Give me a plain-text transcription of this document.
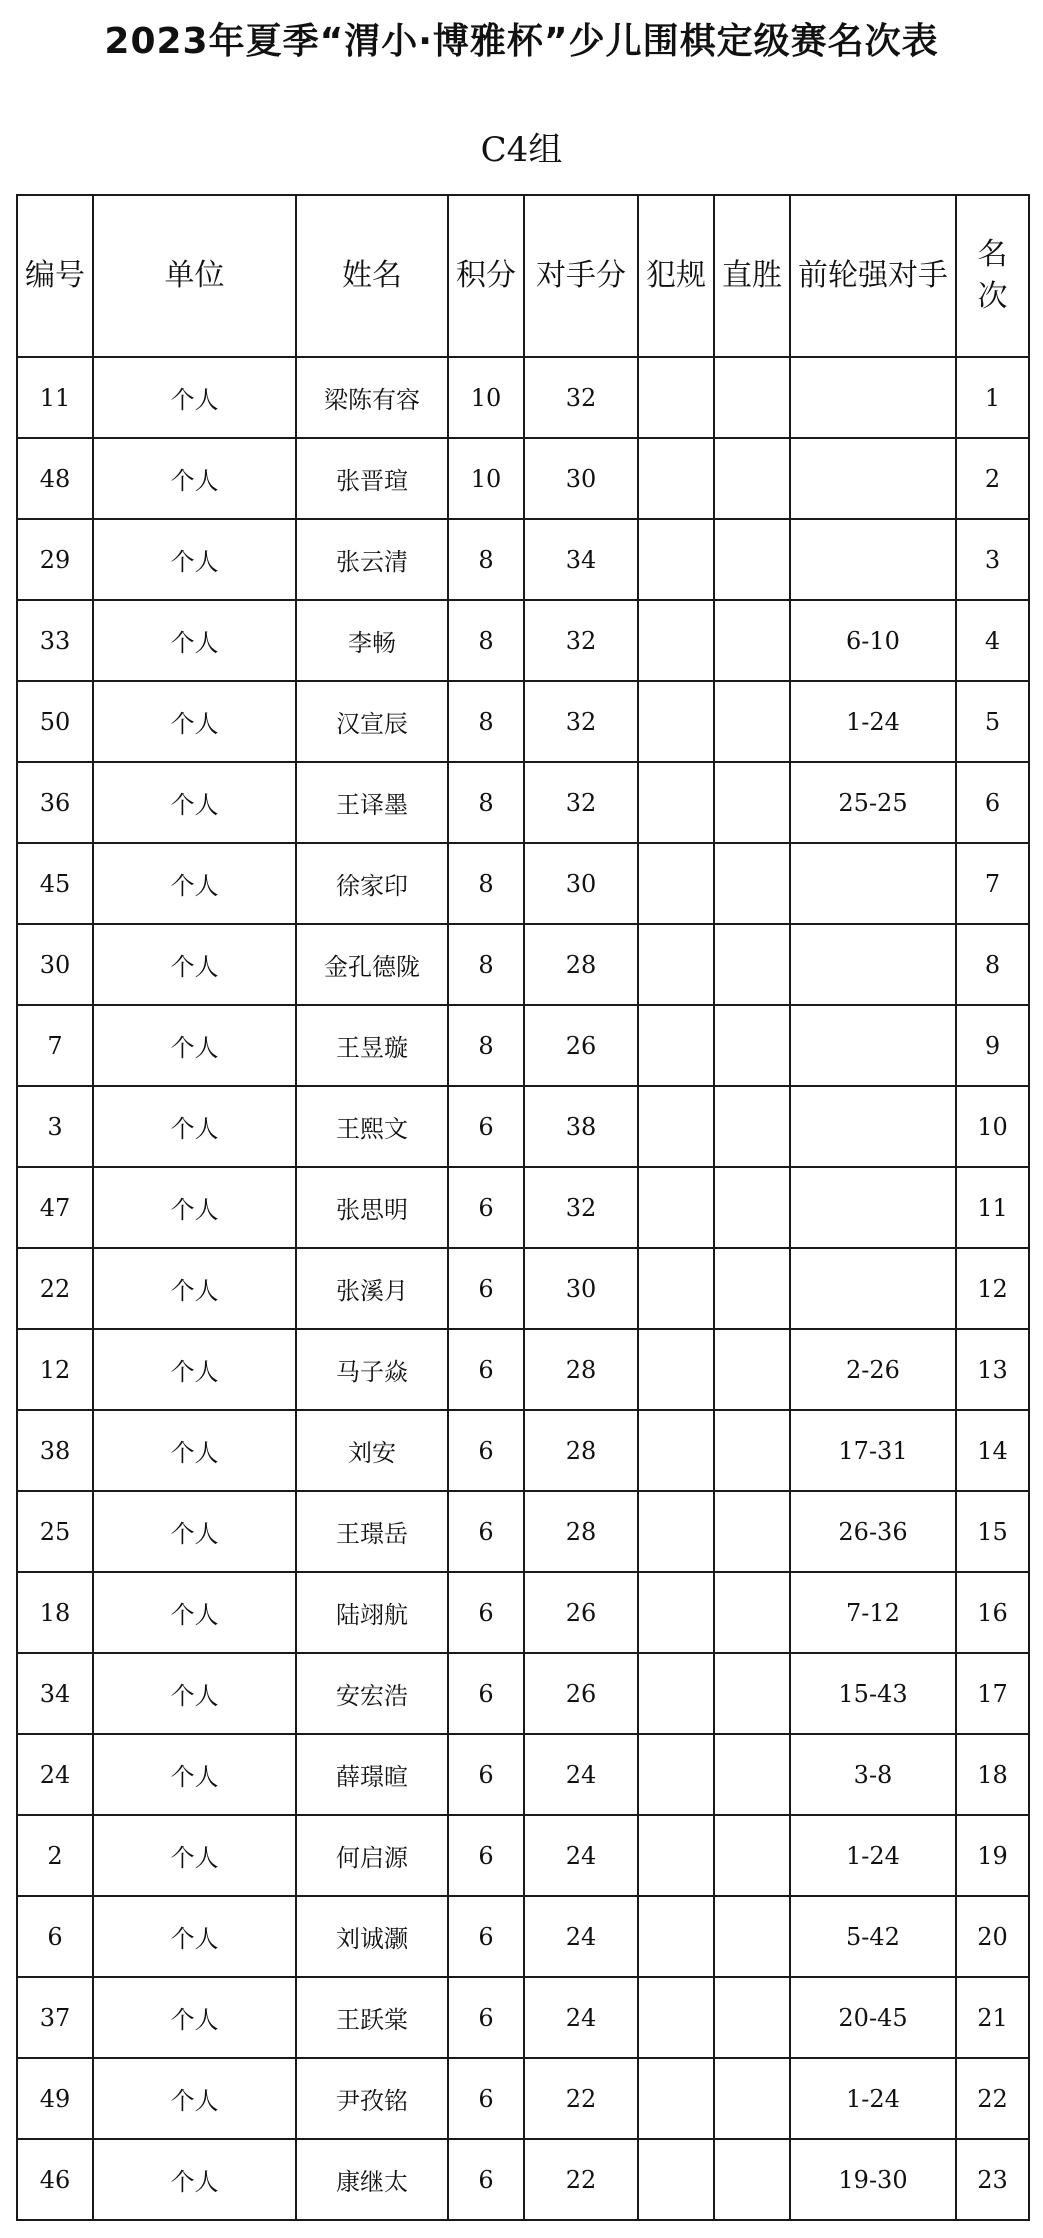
2023年夏季“渭小·博雅杯”少儿围棋定级赛名次表
C4组
编号	单位	姓名	积分	对手分	犯规	直胜	前轮强对手	名次
11	个人	梁陈有容	10	32				1
48	个人	张晋瑄	10	30				2
29	个人	张云清	8	34				3
33	个人	李畅	8	32			6-10	4
50	个人	汉宣辰	8	32			1-24	5
36	个人	王译墨	8	32			25-25	6
45	个人	徐家印	8	30				7
30	个人	金孔德陇	8	28				8
7	个人	王昱璇	8	26				9
3	个人	王熙文	6	38				10
47	个人	张思明	6	32				11
22	个人	张溪月	6	30				12
12	个人	马子焱	6	28			2-26	13
38	个人	刘安	6	28			17-31	14
25	个人	王璟岳	6	28			26-36	15
18	个人	陆翊航	6	26			7-12	16
34	个人	安宏浩	6	26			15-43	17
24	个人	薛璟暄	6	24			3-8	18
2	个人	何启源	6	24			1-24	19
6	个人	刘诚灏	6	24			5-42	20
37	个人	王跃棠	6	24			20-45	21
49	个人	尹孜铭	6	22			1-24	22
46	个人	康继太	6	22			19-30	23
